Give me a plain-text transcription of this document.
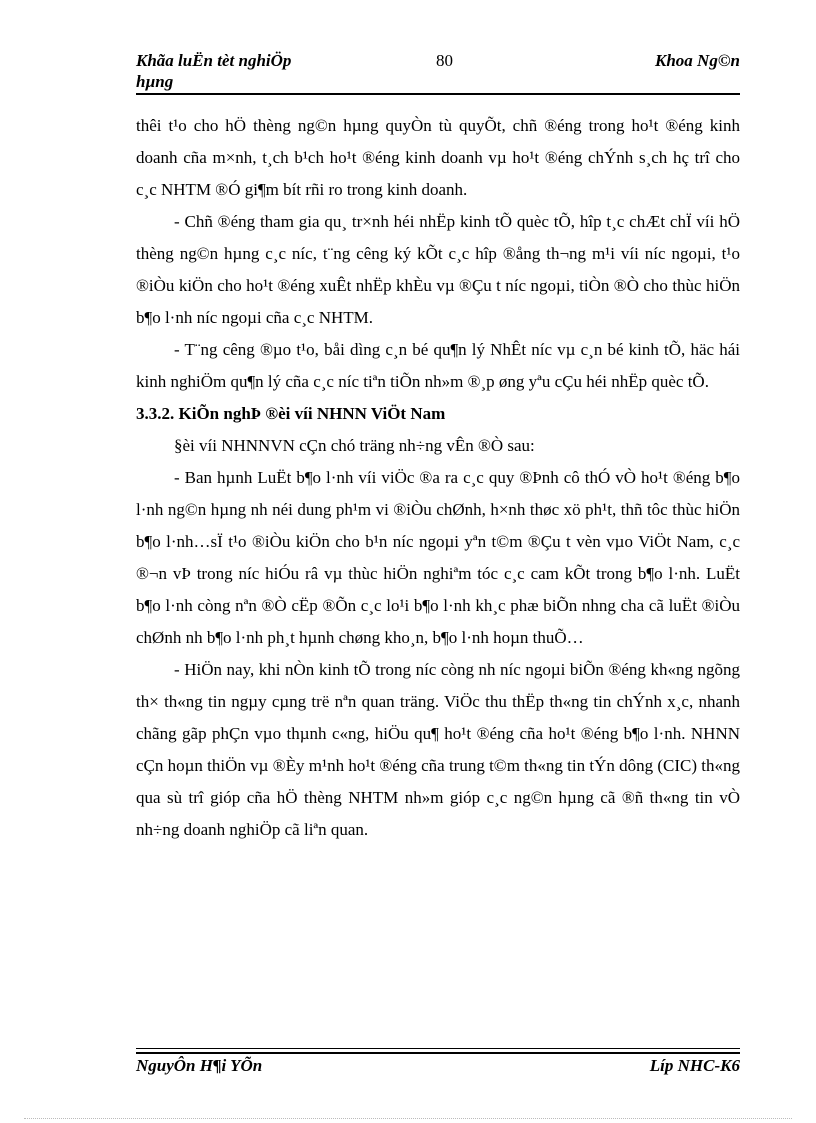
Khãa luËn tèt nghiÖp hµng
80	Khoa Ng©n

thêi t¹o cho hÖ thèng ng©n hµng quyÒn tù quyÕt, chñ ®éng trong ho¹t ®éng kinh doanh cña m×nh, t¸ch b¹ch ho¹t ®éng kinh doanh vµ ho¹t ®éng chÝnh s¸ch hç trî cho c¸c NHTM ®Ó gi¶m bít rñi ro trong kinh doanh.

- Chñ ®éng tham gia qu¸ tr×nh héi nhËp kinh tÕ quèc tÕ, hîp t¸c chÆt chÏ víi hÖ thèng ng©n hµng c¸c níc, t¨ng cêng ký kÕt c¸c hîp ®ång th¬ng m¹i víi níc ngoµi, t¹o ®iÒu kiÖn cho ho¹t ®éng xuÊt nhËp khÈu vµ ®Çu t níc ngoµi, tiÒn ®Ò cho thùc hiÖn b¶o l·nh níc ngoµi cña c¸c NHTM.

- T¨ng cêng ®µo t¹o, båi dìng c¸n bé qu¶n lý NhÊt níc vµ c¸n bé kinh tÕ, häc hái kinh nghiÖm qu¶n lý cña c¸c níc tiªn tiÕn nh»m ®¸p øng yªu cÇu héi nhËp quèc tÕ.

3.3.2. KiÕn nghÞ ®èi víi NHNN ViÖt Nam

§èi víi NHNNVN cÇn chó träng nh÷ng vÊn ®Ò sau:

- Ban hµnh LuËt b¶o l·nh víi viÖc ®a ra c¸c quy ®Þnh cô thÓ vÒ ho¹t ®éng b¶o l·nh ng©n hµng nh néi dung ph¹m vi ®iÒu chØnh, h×nh thøc xö ph¹t, thñ tôc thùc hiÖn b¶o l·nh…sÏ t¹o ®iÒu kiÖn cho b¹n níc ngoµi yªn t©m ®Çu t vèn vµo ViÖt Nam, c¸c ®¬n vÞ trong níc hiÓu râ vµ thùc hiÖn nghiªm tóc c¸c cam kÕt trong b¶o l·nh. LuËt b¶o l·nh còng nªn ®Ò cËp ®Õn c¸c lo¹i b¶o l·nh kh¸c phæ biÕn nhng cha cã luËt ®iÒu chØnh nh b¶o l·nh ph¸t hµnh chøng kho¸n, b¶o l·nh hoµn thuÕ…

- HiÖn nay, khi nÒn kinh tÕ trong níc còng nh níc ngoµi biÕn ®éng kh«ng ngõng th× th«ng tin ngµy cµng trë nªn quan träng. ViÖc thu thËp th«ng tin chÝnh x¸c, nhanh chãng gãp phÇn vµo thµnh c«ng, hiÖu qu¶ ho¹t ®éng cña ho¹t ®éng b¶o l·nh. NHNN cÇn hoµn thiÖn vµ ®Èy m¹nh ho¹t ®éng cña trung t©m th«ng tin tÝn dông (CIC) th«ng qua sù trî gióp cña hÖ thèng NHTM nh»m gióp c¸c ng©n hµng cã ®ñ th«ng tin vÒ nh÷ng doanh nghiÖp cã liªn quan.

NguyÔn H¶i YÕn	Líp NHC-K6
